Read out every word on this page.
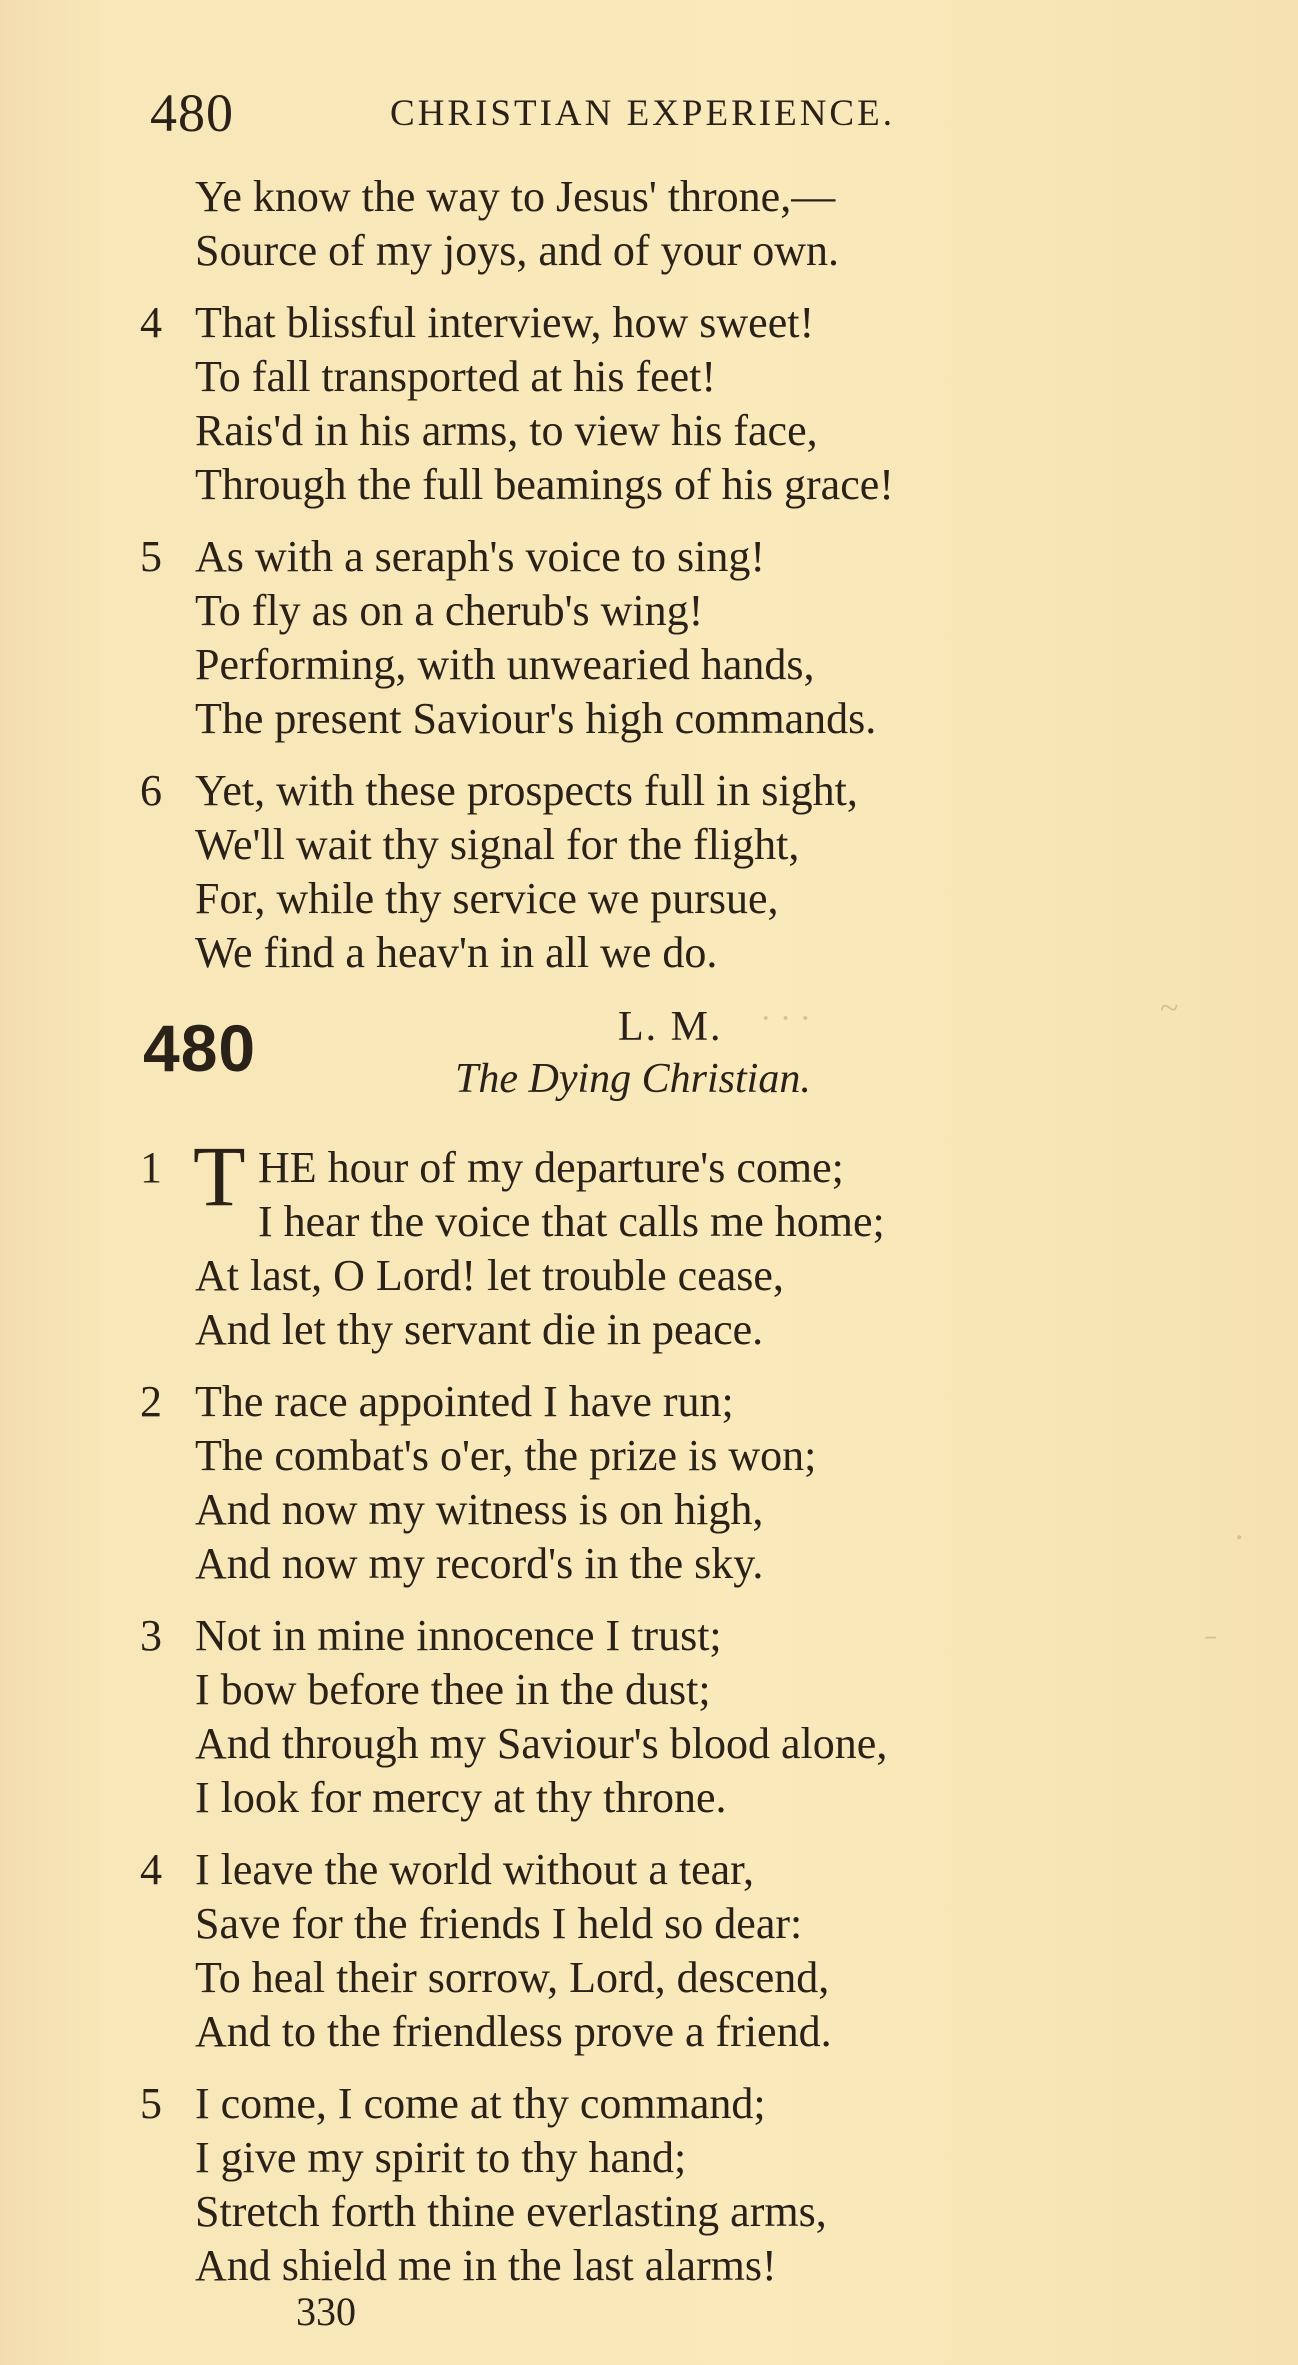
480	CHRISTIAN EXPERIENCE.
Ye know the way to Jesus' throne,—
Source of my joys, and of your own.
4 That blissful interview, how sweet!
To fall transported at his feet!
Rais'd in his arms, to view his face,
Through the full beamings of his grace!
5 As with a seraph's voice to sing!
To fly as on a cherub's wing!
Performing, with unwearied hands,
The present Saviour's high commands.
6 Yet, with these prospects full in sight,
We'll wait thy signal for the flight,
For, while thy service we pursue,
We find a heav'n in all we do.
· · ·	~
480	L. M.
The Dying Christian.
1 T HE hour of my departure's come;
I hear the voice that calls me home;
At last, O Lord! let trouble cease,
And let thy servant die in peace.
2 The race appointed I have run;
The combat's o'er, the prize is won;
And now my witness is on high,
And now my record's in the sky.
3 Not in mine innocence I trust;
I bow before thee in the dust;
And through my Saviour's blood alone,
I look for mercy at thy throne.
4 I leave the world without a tear,
Save for the friends I held so dear:
To heal their sorrow, Lord, descend,
And to the friendless prove a friend.
5 I come, I come at thy command;
I give my spirit to thy hand;
Stretch forth thine everlasting arms,
And shield me in the last alarms!
330
.
ˍ
